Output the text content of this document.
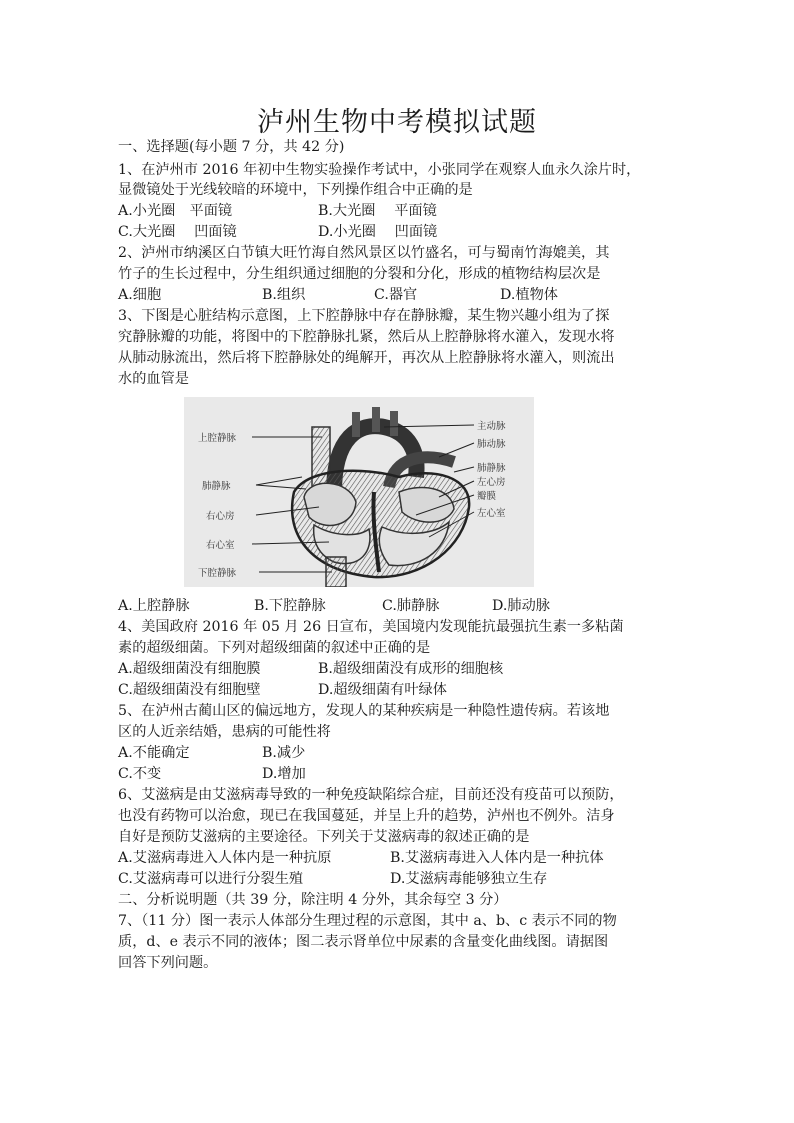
泸州生物中考模拟试题
一、选择题(每小题 7 分，共 42 分)
1、在泸州市 2016 年初中生物实验操作考试中，小张同学在观察人血永久涂片时，
显微镜处于光线较暗的环境中，下列操作组合中正确的是
A.小光圈　平面镜	B.大光圈　 平面镜
C.大光圈　 凹面镜	D.小光圈　 凹面镜
2、泸州市纳溪区白节镇大旺竹海自然风景区以竹盛名，可与蜀南竹海媲美，其
竹子的生长过程中，分生组织通过细胞的分裂和分化，形成的植物结构层次是
A.细胞	B.组织	C.器官	D.植物体
3、下图是心脏结构示意图，上下腔静脉中存在静脉瓣，某生物兴趣小组为了探
究静脉瓣的功能，将图中的下腔静脉扎紧，然后从上腔静脉将水灌入，发现水将
从肺动脉流出，然后将下腔静脉处的绳解开，再次从上腔静脉将水灌入，则流出
水的血管是
上腔静脉
肺静脉
右心房
右心室
下腔静脉
主动脉
肺动脉
肺静脉
左心房
瓣膜
左心室
A.上腔静脉	B.下腔静脉	C.肺静脉	D.肺动脉
4、美国政府 2016 年 05 月 26 日宣布，美国境内发现能抗最强抗生素一多粘菌
素的超级细菌。下列对超级细菌的叙述中正确的是
A.超级细菌没有细胞膜	B.超级细菌没有成形的细胞核
C.超级细菌没有细胞壁	D.超级细菌有叶绿体
5、在泸州古蔺山区的偏远地方，发现人的某种疾病是一种隐性遗传病。若该地
区的人近亲结婚，患病的可能性将
A.不能确定	B.减少
C.不变	D.增加
6、艾滋病是由艾滋病毒导致的一种免疫缺陷综合症，目前还没有疫苗可以预防，
也没有药物可以治愈，现已在我国蔓延，并呈上升的趋势，泸州也不例外。洁身
自好是预防艾滋病的主要途径。下列关于艾滋病毒的叙述正确的是
A.艾滋病毒进入人体内是一种抗原	B.艾滋病毒进入人体内是一种抗体
C.艾滋病毒可以进行分裂生殖	D.艾滋病毒能够独立生存
二、分析说明题（共 39 分，除注明 4 分外，其余每空 3 分）
7、（11 分）图一表示人体部分生理过程的示意图，其中 a、b、c 表示不同的物
质，d、e 表示不同的液体；图二表示肾单位中尿素的含量变化曲线图。请据图
回答下列问题。
